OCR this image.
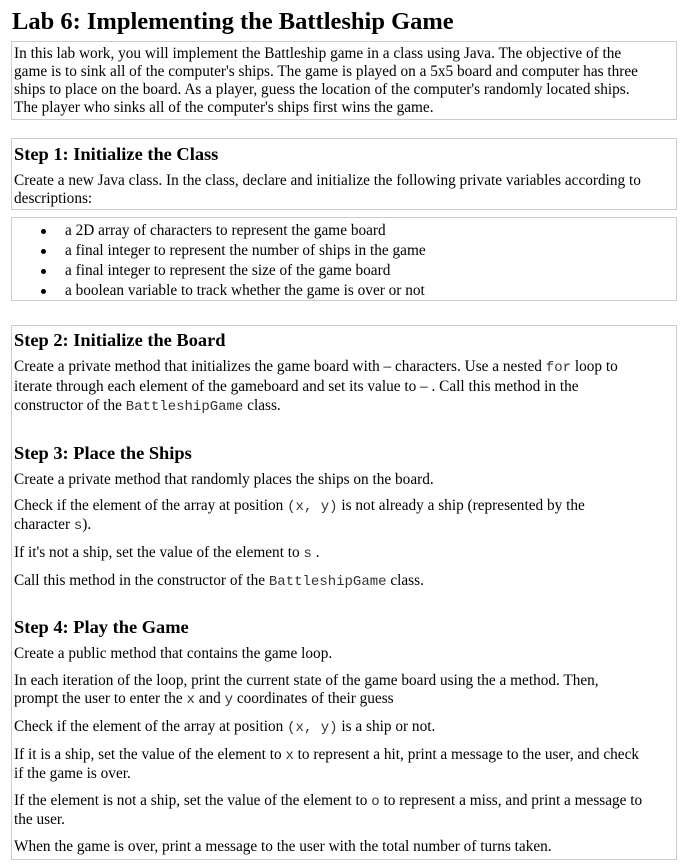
Lab 6: Implementing the Battleship Game

In this lab work, you will implement the Battleship game in a class using Java. The objective of the

game is to sink all of the computer's ships. The game is played on a 5x5 board and computer has three

ships to place on the board. As a player, guess the location of the computer's randomly located ships.

The player who sinks all of the computer's ships first wins the game.

Step 1: Initialize the Class

Create a new Java class. In the class, declare and initialize the following private variables according to descriptions:

a 2D array of characters to represent the game board
a final integer to represent the number of ships in the game
a final integer to represent the size of the game board
a boolean variable to track whether the game is over or not
Step 2: Initialize the Board

Create a private method that initializes the game board with – characters. Use a nested for loop to

iterate through each element of the gameboard and set its value to – . Call this method in the

constructor of the BattleshipGame class.

Step 3: Place the Ships

Create a private method that randomly places the ships on the board.

Check if the element of the array at position (x, y) is not already a ship (represented by the

character s).

If it's not a ship, set the value of the element to s .

Call this method in the constructor of the BattleshipGame class.

Step 4: Play the Game

Create a public method that contains the game loop.

In each iteration of the loop, print the current state of the game board using the a method. Then,

prompt the user to enter the x and y coordinates of their guess

Check if the element of the array at position (x, y) is a ship or not.

If it is a ship, set the value of the element to x to represent a hit, print a message to the user, and check

if the game is over.

If the element is not a ship, set the value of the element to o to represent a miss, and print a message to

the user.

When the game is over, print a message to the user with the total number of turns taken.
